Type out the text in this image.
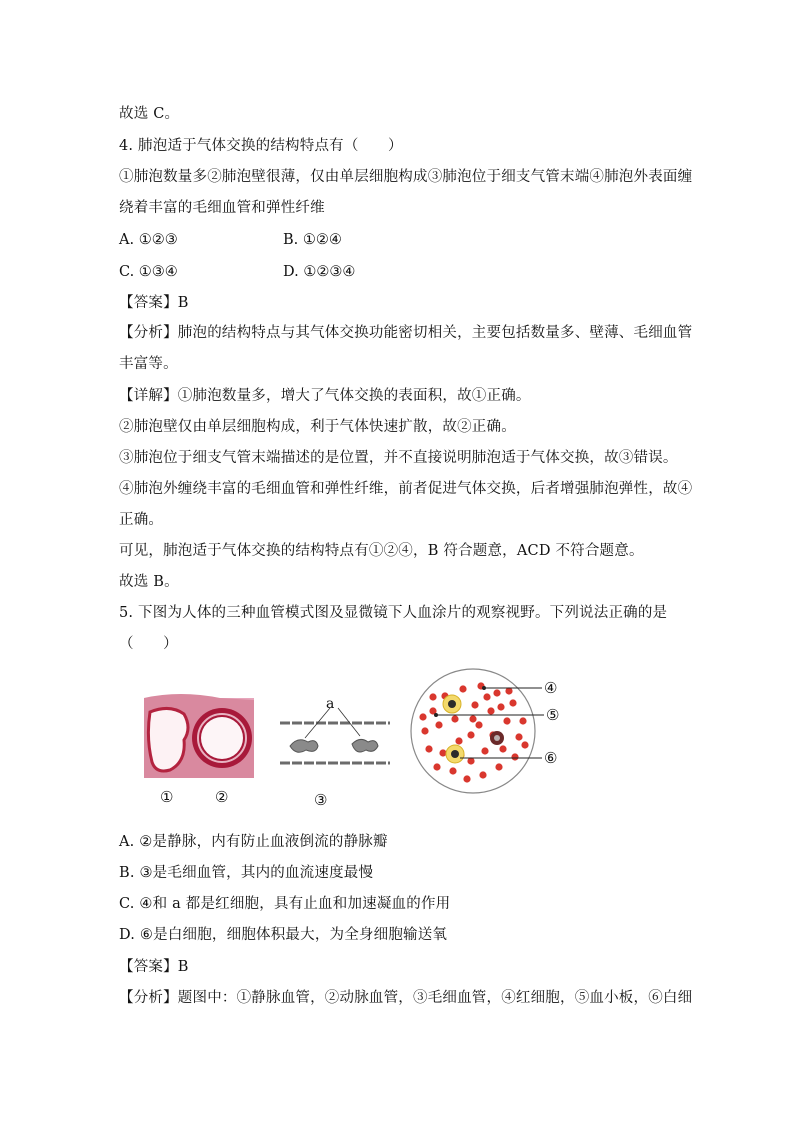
故选 C。
4. 肺泡适于气体交换的结构特点有（　　）
①肺泡数量多②肺泡壁很薄，仅由单层细胞构成③肺泡位于细支气管末端④肺泡外表面缠
绕着丰富的毛细血管和弹性纤维
A. ①②③	B. ①②④
C. ①③④	D. ①②③④
【答案】B
【分析】肺泡的结构特点与其气体交换功能密切相关，主要包括数量多、壁薄、毛细血管
丰富等。
【详解】①肺泡数量多，增大了气体交换的表面积，故①正确。
②肺泡壁仅由单层细胞构成，利于气体快速扩散，故②正确。
③肺泡位于细支气管末端描述的是位置，并不直接说明肺泡适于气体交换，故③错误。
④肺泡外缠绕丰富的毛细血管和弹性纤维，前者促进气体交换，后者增强肺泡弹性，故④
正确。
可见，肺泡适于气体交换的结构特点有①②④，B 符合题意，ACD 不符合题意。
故选 B。
5. 下图为人体的三种血管模式图及显微镜下人血涂片的观察视野。下列说法正确的是
（　　）
①	②	③
a
④
⑤
⑥
A. ②是静脉，内有防止血液倒流的静脉瓣
B. ③是毛细血管，其内的血流速度最慢
C. ④和 a 都是红细胞，具有止血和加速凝血的作用
D. ⑥是白细胞，细胞体积最大，为全身细胞输送氧
【答案】B
【分析】题图中：①静脉血管，②动脉血管，③毛细血管，④红细胞，⑤血小板，⑥白细
